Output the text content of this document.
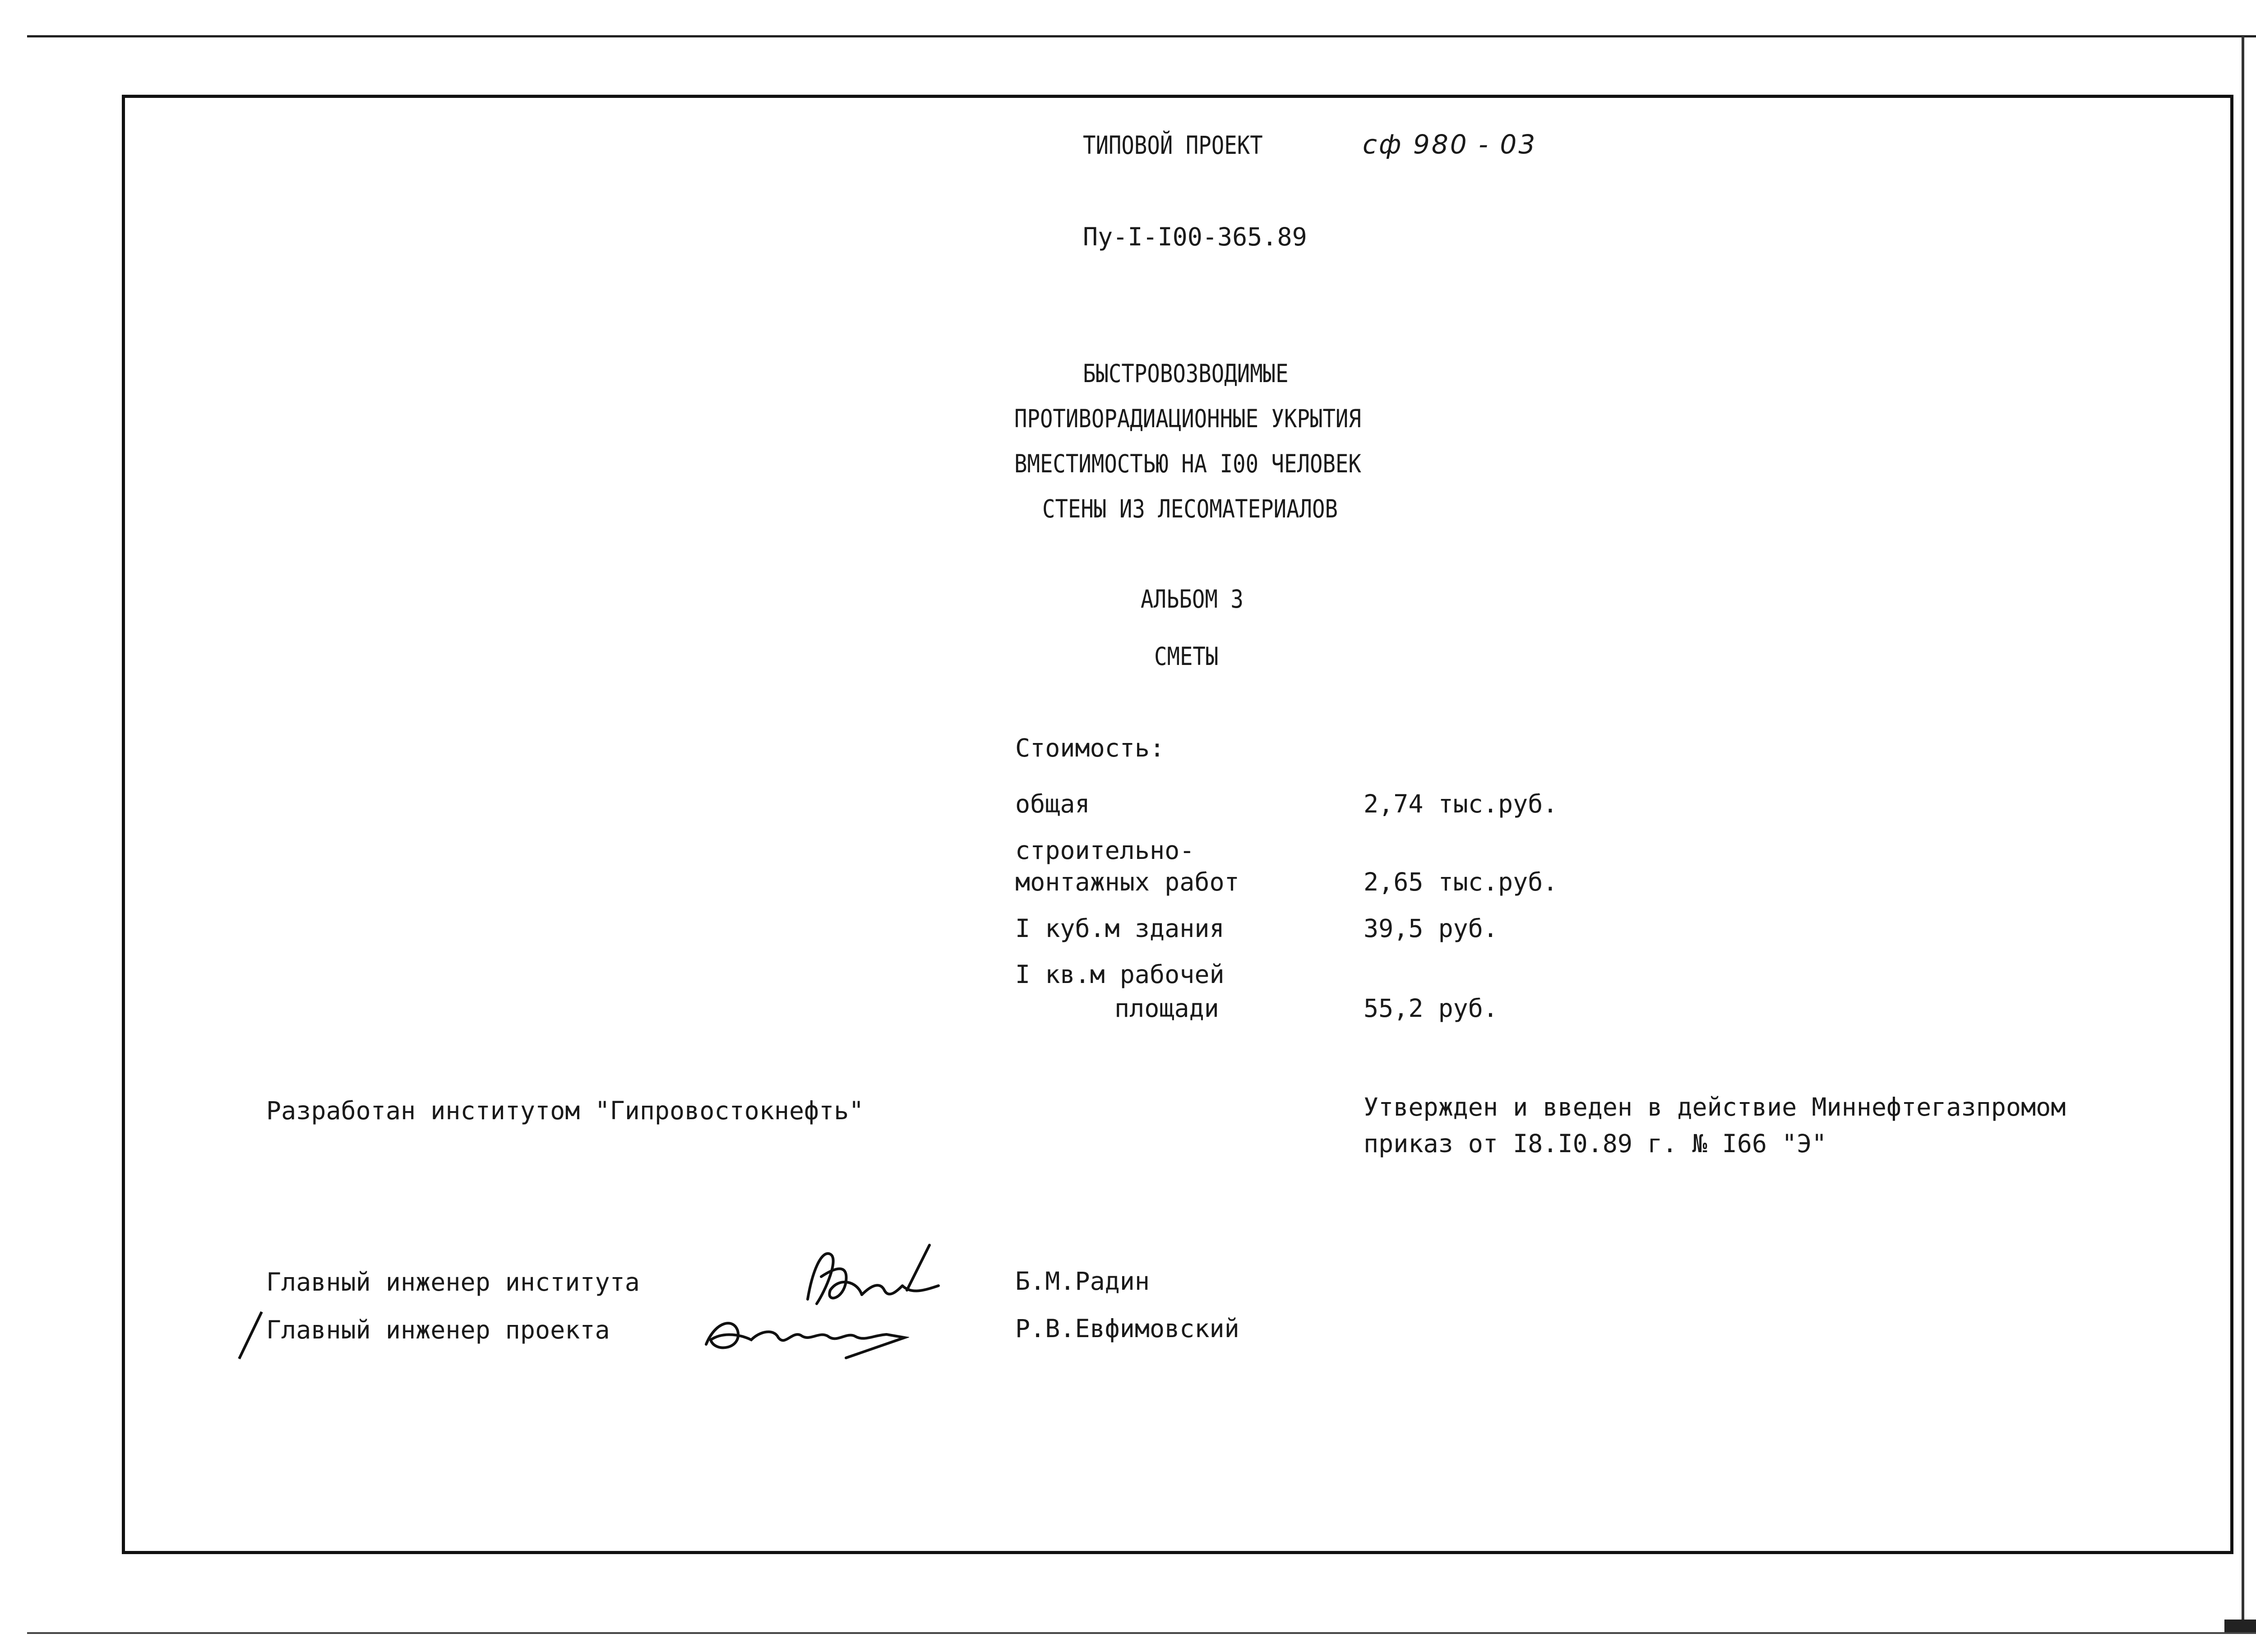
ТИПОВОЙ ПРОЕКТ	сф 980 - 03
Пу-I-I00-365.89
БЫСТРОВОЗВОДИМЫЕ
ПРОТИВОРАДИАЦИОННЫЕ УКРЫТИЯ
ВМЕСТИМОСТЬЮ НА I00 ЧЕЛОВЕК
СТЕНЫ ИЗ ЛЕСОМАТЕРИАЛОВ
АЛЬБОМ 3
СМЕТЫ
Стоимость:
общая	2,74 тыс.руб.
строительно-
монтажных работ	2,65 тыс.руб.
I куб.м здания	39,5 руб.
I кв.м рабочей
площади	55,2 руб.
Разработан институтом "Гипровостокнефть"	Утвержден и введен в действие Миннефтегазпромом
приказ от I8.I0.89 г. № I66 "Э"
Главный инженер института	Б.М.Радин
Главный инженер проекта	Р.В.Евфимовский
